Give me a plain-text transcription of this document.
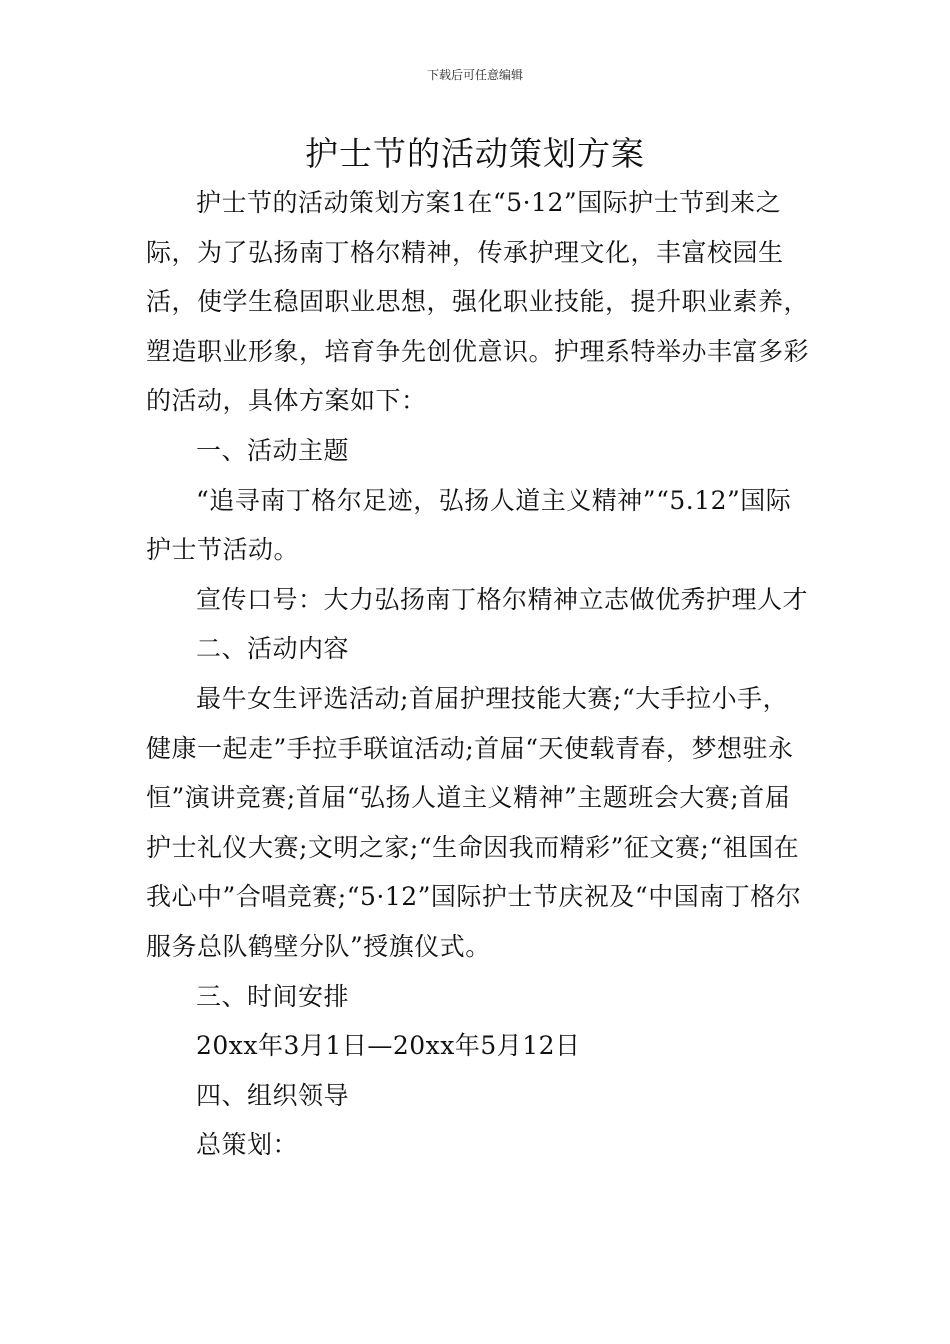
下载后可任意编辑
护士节的活动策划方案

护士节的活动策划方案1在“5·12”国际护士节到来之际，为了弘扬南丁格尔精神，传承护理文化，丰富校园生活，使学生稳固职业思想，强化职业技能，提升职业素养，塑造职业形象，培育争先创优意识。护理系特举办丰富多彩的活动，具体方案如下：

一、活动主题

“追寻南丁格尔足迹，弘扬人道主义精神”“5.12”国际护士节活动。

宣传口号：大力弘扬南丁格尔精神立志做优秀护理人才

二、活动内容

最牛女生评选活动;首届护理技能大赛;“大手拉小手，健康一起走”手拉手联谊活动;首届“天使载青春，梦想驻永恒”演讲竞赛;首届“弘扬人道主义精神”主题班会大赛;首届护士礼仪大赛;文明之家;“生命因我而精彩”征文赛;“祖国在我心中”合唱竞赛;“5·12”国际护士节庆祝及“中国南丁格尔服务总队鹤壁分队”授旗仪式。

三、时间安排

20xx年3月1日—20xx年5月12日

四、组织领导

总策划：
